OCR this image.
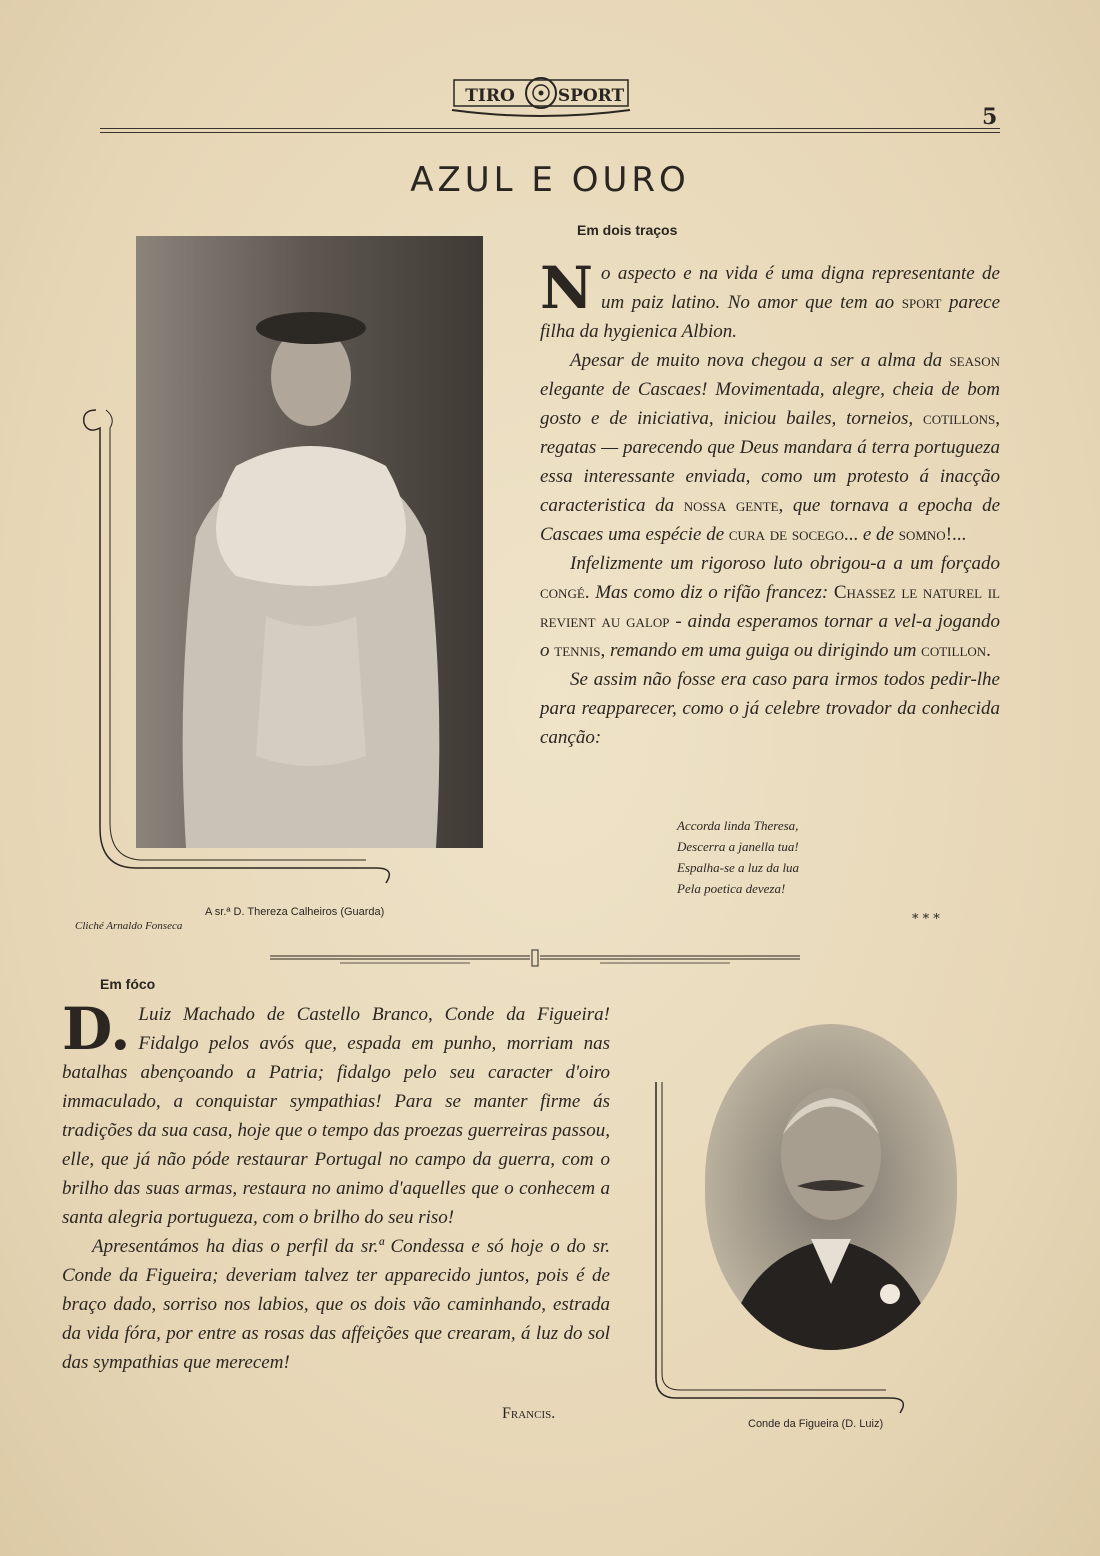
TIRO	SPORT
5
AZUL E OURO
A sr.ª D. Thereza Calheiros (Guarda)
Cliché Arnaldo Fonseca
Em dois traços

No aspecto e na vida é uma digna representante de um paiz latino. No amor que tem ao sport parece filha da hygienica Albion.

Apesar de muito nova chegou a ser a alma da season elegante de Cascaes! Movimentada, alegre, cheia de bom gosto e de iniciativa, iniciou bailes, torneios, cotillons, regatas — parecendo que Deus mandara á terra portugueza essa interessante enviada, como um protesto á inacção caracteristica da nossa gente, que tornava a epocha de Cascaes uma espécie de cura de socego... e de somno!...

Infelizmente um rigoroso luto obrigou-a a um forçado congé. Mas como diz o rifão francez: Chassez le naturel il revient au galop - ainda esperamos tornar a vel-a jogando o tennis, remando em uma guiga ou dirigindo um cotillon.

Se assim não fosse era caso para irmos todos pedir-lhe para reapparecer, como o já celebre trovador da conhecida canção:

Accorda linda Theresa,
Descerra a janella tua!
Espalha-se a luz da lua
Pela poetica deveza!
* * *
Em fóco

D. Luiz Machado de Castello Branco, Conde da Figueira! Fidalgo pelos avós que, espada em punho, morriam nas batalhas abençoando a Patria; fidalgo pelo seu caracter d'oiro immaculado, a conquistar sympathias! Para se manter firme ás tradições da sua casa, hoje que o tempo das proezas guerreiras passou, elle, que já não póde restaurar Portugal no campo da guerra, com o brilho das suas armas, restaura no animo d'aquelles que o conhecem a santa alegria portugueza, com o brilho do seu riso!

Apresentámos ha dias o perfil da sr.ª Condessa e só hoje o do sr. Conde da Figueira; deveriam talvez ter apparecido juntos, pois é de braço dado, sorriso nos labios, que os dois vão caminhando, estrada da vida fóra, por entre as rosas das affeições que crearam, á luz do sol das sympathias que merecem!

Francis.
Conde da Figueira (D. Luiz)
